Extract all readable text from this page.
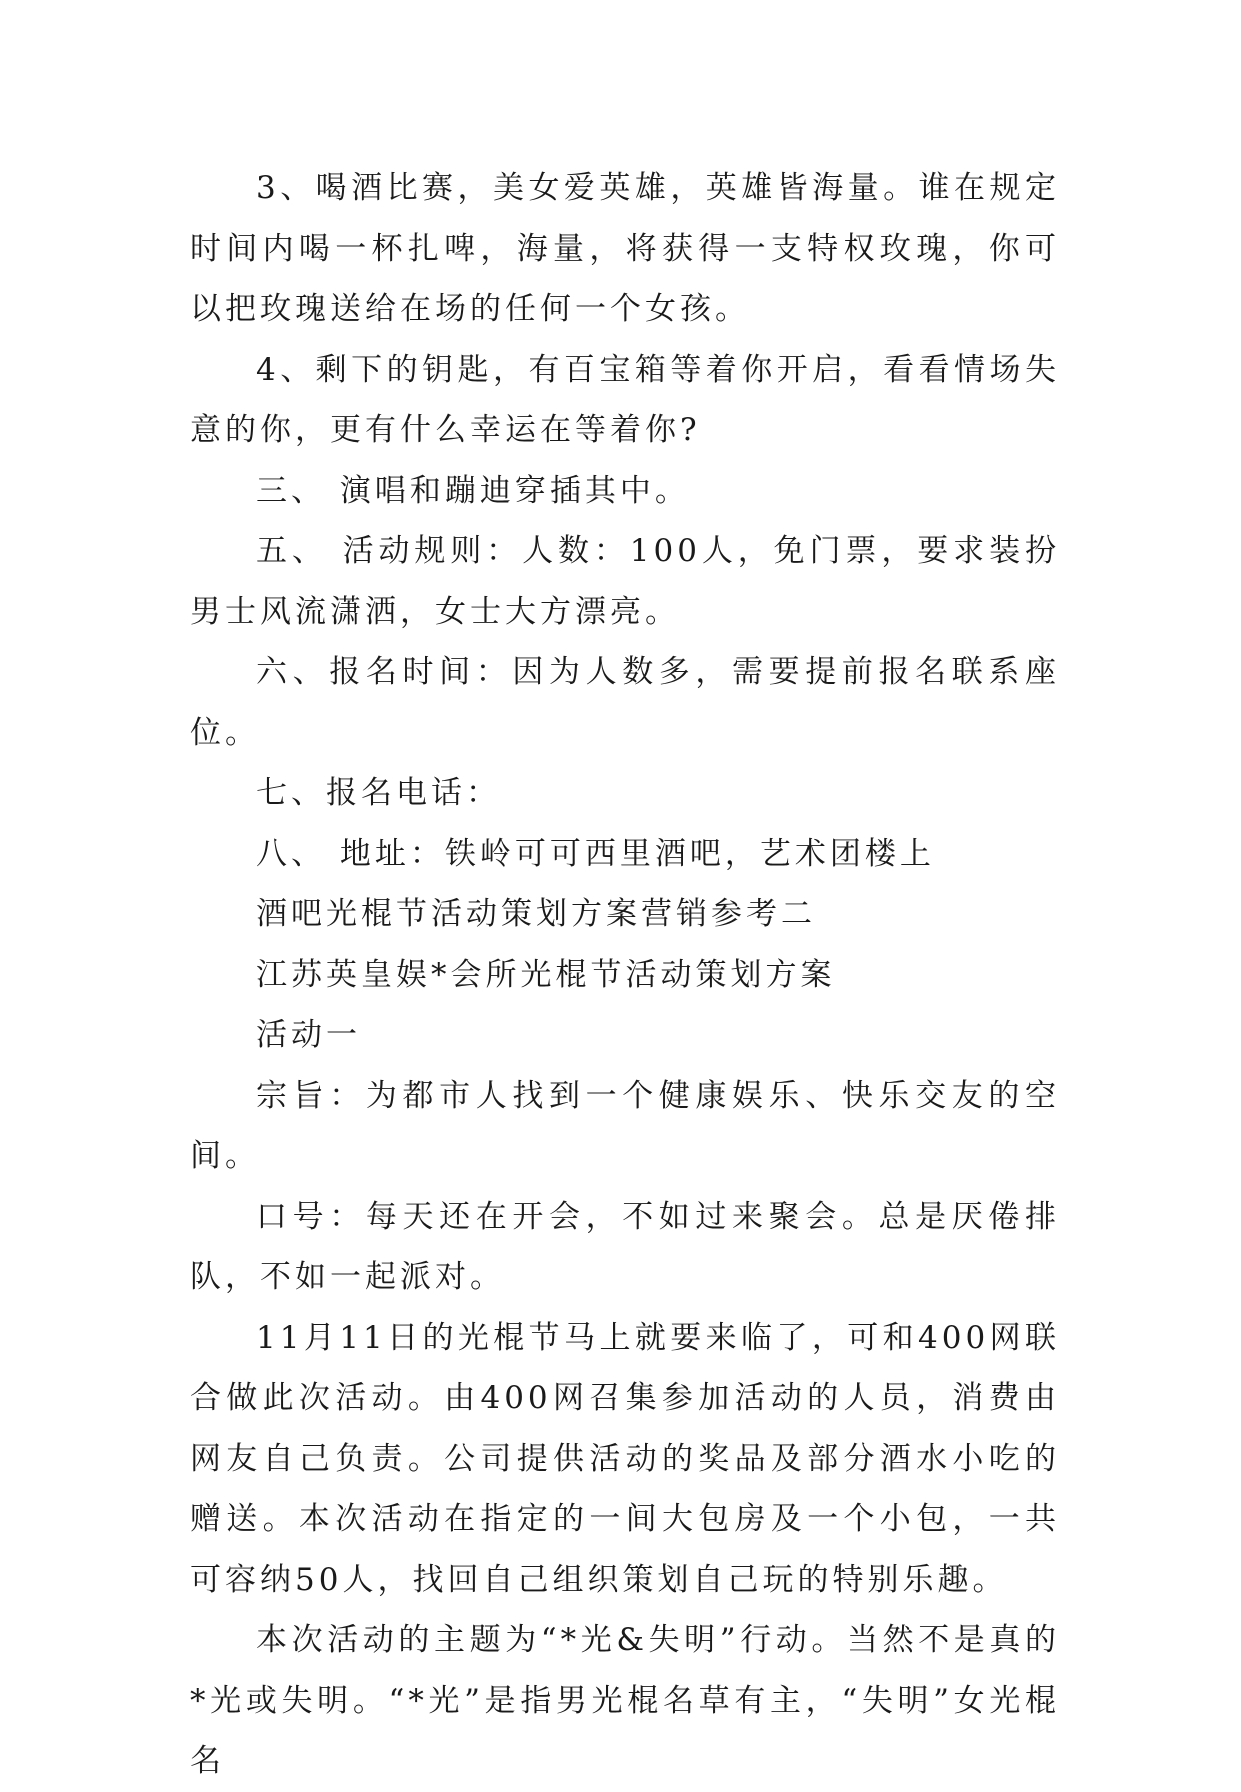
3、喝酒比赛，美女爱英雄，英雄皆海量。谁在规定时间内喝一杯扎啤，海量，将获得一支特权玫瑰，你可以把玫瑰送给在场的任何一个女孩。

4、剩下的钥匙，有百宝箱等着你开启，看看情场失意的你，更有什么幸运在等着你?

三、 演唱和蹦迪穿插其中。

五、 活动规则：人数：100人，免门票，要求装扮男士风流潇洒，女士大方漂亮。

六、报名时间：因为人数多，需要提前报名联系座位。

七、报名电话：

八、 地址：铁岭可可西里酒吧，艺术团楼上

酒吧光棍节活动策划方案营销参考二

江苏英皇娱*会所光棍节活动策划方案

活动一

宗旨：为都市人找到一个健康娱乐、快乐交友的空间。

口号：每天还在开会，不如过来聚会。总是厌倦排队，不如一起派对。

11月11日的光棍节马上就要来临了，可和400网联合做此次活动。由400网召集参加活动的人员，消费由网友自己负责。公司提供活动的奖品及部分酒水小吃的赠送。本次活动在指定的一间大包房及一个小包，一共可容纳50人，找回自己组织策划自己玩的特别乐趣。

本次活动的主题为“*光&失明”行动。当然不是真的*光或失明。“*光”是指男光棍名草有主，“失明”女光棍名
